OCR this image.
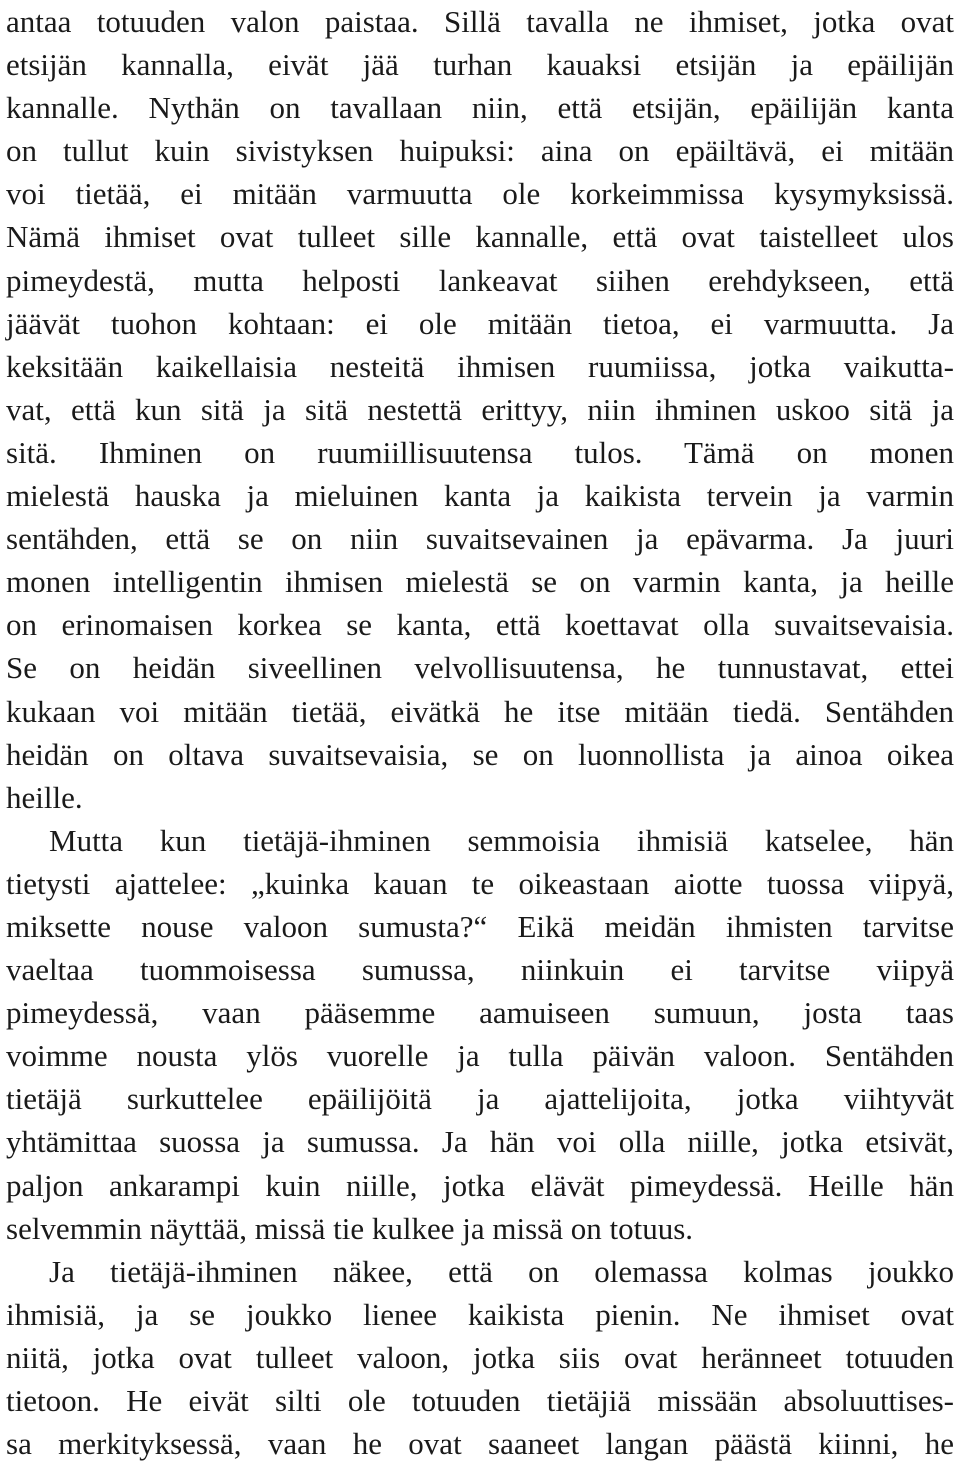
antaa totuuden valon paistaa. Sillä tavalla ne ihmiset, jotka ovat
etsijän kannalla, eivät jää turhan kauaksi etsijän ja epäilijän
kannalle. Nythän on tavallaan niin, että etsijän, epäilijän kanta
on tullut kuin sivistyksen huipuksi: aina on epäiltävä, ei mitään
voi tietää, ei mitään varmuutta ole korkeimmissa kysymyksissä.
Nämä ihmiset ovat tulleet sille kannalle, että ovat taistelleet ulos
pimeydestä, mutta helposti lankeavat siihen erehdykseen, että
jäävät tuohon kohtaan: ei ole mitään tietoa, ei varmuutta. Ja
keksitään kaikellaisia nesteitä ihmisen ruumiissa, jotka vaikutta-
vat, että kun sitä ja sitä nestettä erittyy, niin ihminen uskoo sitä ja
sitä. Ihminen on ruumiillisuutensa tulos. Tämä on monen
mielestä hauska ja mieluinen kanta ja kaikista tervein ja varmin
sentähden, että se on niin suvaitsevainen ja epävarma. Ja juuri
monen intelligentin ihmisen mielestä se on varmin kanta, ja heille
on erinomaisen korkea se kanta, että koettavat olla suvaitsevaisia.
Se on heidän siveellinen velvollisuutensa, he tunnustavat, ettei
kukaan voi mitään tietää, eivätkä he itse mitään tiedä. Sentähden
heidän on oltava suvaitsevaisia, se on luonnollista ja ainoa oikea
heille.
Mutta kun tietäjä-ihminen semmoisia ihmisiä katselee, hän
tietysti ajattelee: „kuinka kauan te oikeastaan aiotte tuossa viipyä,
miksette nouse valoon sumusta?“ Eikä meidän ihmisten tarvitse
vaeltaa tuommoisessa sumussa, niinkuin ei tarvitse viipyä
pimeydessä, vaan pääsemme aamuiseen sumuun, josta taas
voimme nousta ylös vuorelle ja tulla päivän valoon. Sentähden
tietäjä surkuttelee epäilijöitä ja ajattelijoita, jotka viihtyvät
yhtämittaa suossa ja sumussa. Ja hän voi olla niille, jotka etsivät,
paljon ankarampi kuin niille, jotka elävät pimeydessä. Heille hän
selvemmin näyttää, missä tie kulkee ja missä on totuus.
Ja tietäjä-ihminen näkee, että on olemassa kolmas joukko
ihmisiä, ja se joukko lienee kaikista pienin. Ne ihmiset ovat
niitä, jotka ovat tulleet valoon, jotka siis ovat heränneet totuuden
tietoon. He eivät silti ole totuuden tietäjiä missään absoluuttises-
sa merkityksessä, vaan he ovat saaneet langan päästä kiinni, he
